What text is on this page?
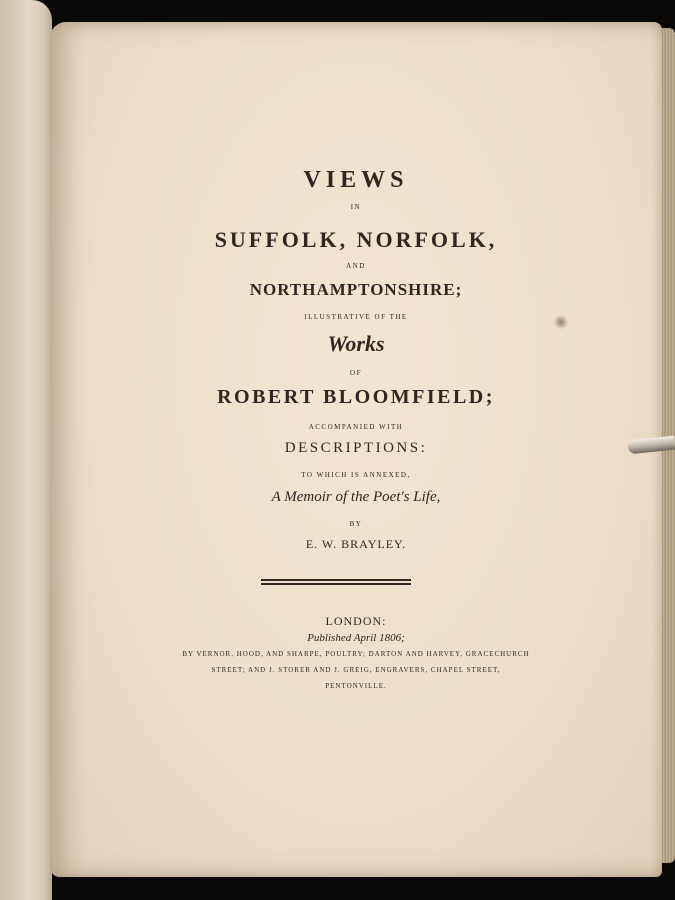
VIEWS

IN

SUFFOLK, NORFOLK,

AND

NORTHAMPTONSHIRE;

ILLUSTRATIVE OF THE

Works

OF

ROBERT BLOOMFIELD;

ACCOMPANIED WITH

DESCRIPTIONS:

TO WHICH IS ANNEXED,

A Memoir of the Poet's Life,

BY

E. W. BRAYLEY.

LONDON:

Published April 1806;

BY VERNOR, HOOD, AND SHARPE, POULTRY; DARTON AND HARVEY, GRACECHURCH

STREET; AND J. STORER AND J. GREIG, ENGRAVERS, CHAPEL STREET,

PENTONVILLE.
